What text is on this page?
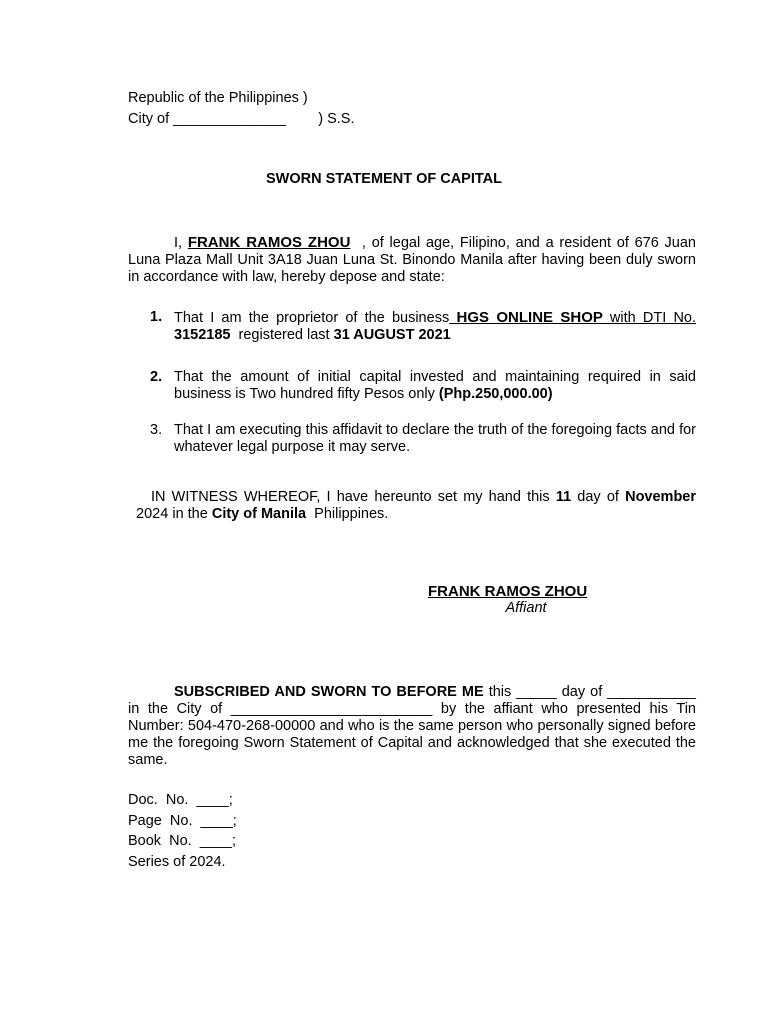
Republic of the Philippines )
City of ______________        ) S.S.
SWORN STATEMENT OF CAPITAL
I, FRANK RAMOS ZHOU  , of legal age, Filipino, and a resident of 676 Juan Luna Plaza Mall Unit 3A18 Juan Luna St. Binondo Manila after having been duly sworn in accordance with law, hereby depose and state:
1. That I am the proprietor of the business HGS ONLINE SHOP with DTI No. 3152185  registered last 31 AUGUST 2021
2. That the amount of initial capital invested and maintaining required in said business is Two hundred fifty Pesos only (Php.250,000.00)
3. That I am executing this affidavit to declare the truth of the foregoing facts and for whatever legal purpose it may serve.
IN WITNESS WHEREOF, I have hereunto set my hand this 11 day of November  2024 in the City of Manila  Philippines.
FRANK RAMOS ZHOU
Affiant
SUBSCRIBED AND SWORN TO BEFORE ME this _____ day of ___________ in the City of _________________________ by the affiant who presented his Tin Number: 504-470-268-00000 and who is the same person who personally signed before me the foregoing Sworn Statement of Capital and acknowledged that she executed the same.
Doc.  No.  ____;
Page  No.  ____;
Book  No.  ____;
Series of 2024.
